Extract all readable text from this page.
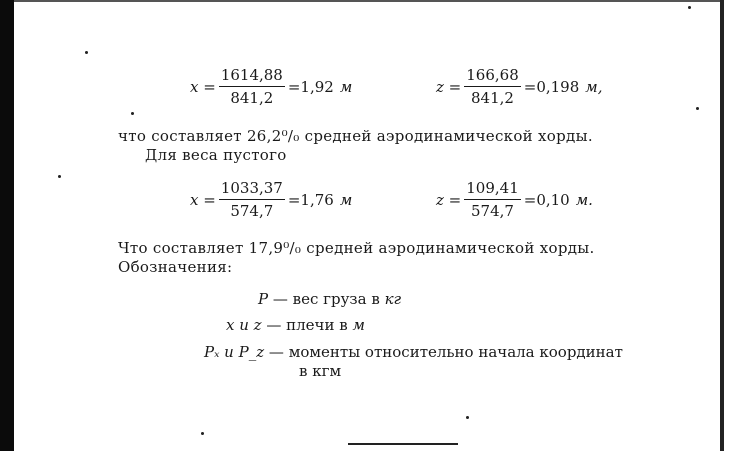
$x = \frac{1614,88}{841,2} = 1,92$ м	$z = \frac{166,68}{841,2} = 0,198$ м,
что составляет 26,2⁰/₀ средней аэродинамической хорды.
Для веса пустого
$x = \frac{1033,37}{574,7} = 1,76$ м	$z = \frac{109,41}{574,7} = 0,10$ м.
Что составляет 17,9⁰/₀ средней аэродинамической хорды.
Обозначения:
P — вес груза в кг
x и z — плечи в м
Pₓ и P_z — моменты относительно начала координат
в кгм
